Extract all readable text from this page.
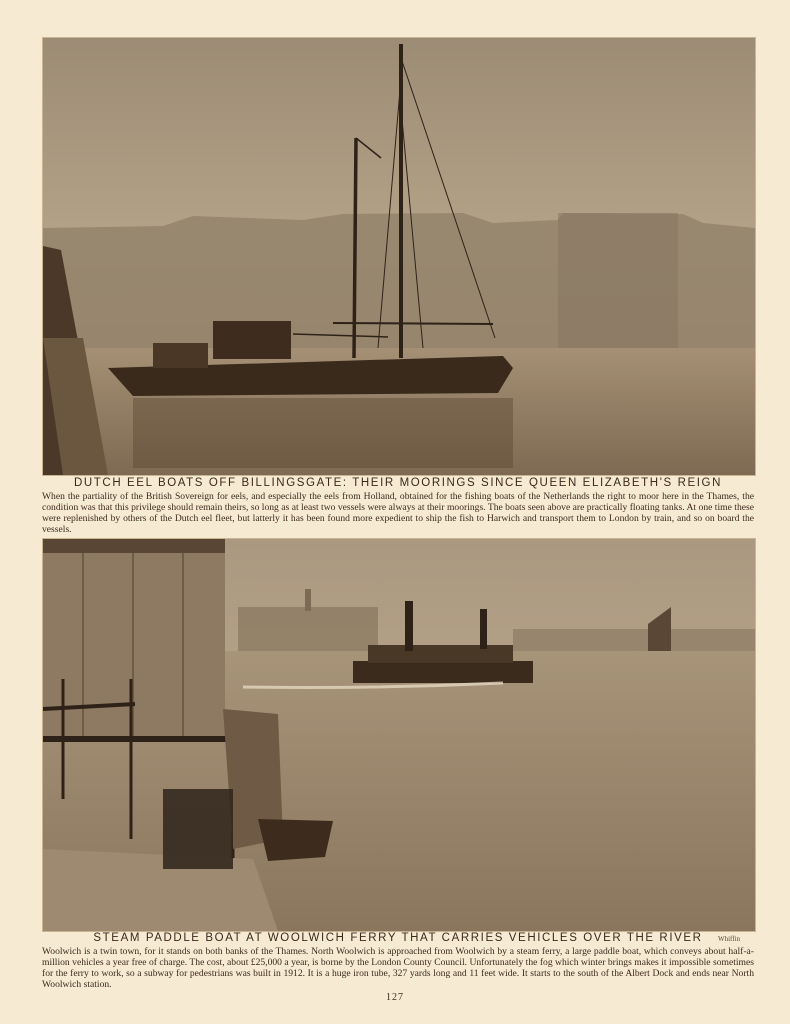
DUTCH EEL BOATS OFF BILLINGSGATE: THEIR MOORINGS SINCE QUEEN ELIZABETH'S REIGN
When the partiality of the British Sovereign for eels, and especially the eels from Holland, obtained for the fishing boats of the Netherlands the right to moor here in the Thames, the condition was that this privilege should remain theirs, so long as at least two vessels were always at their moorings. The boats seen above are practically floating tanks. At one time these were replenished by others of the Dutch eel fleet, but latterly it has been found more expedient to ship the fish to Harwich and transport them to London by train, and so on board the vessels.
STEAM PADDLE BOAT AT WOOLWICH FERRY THAT CARRIES VEHICLES OVER THE RIVER	Whiffin
Woolwich is a twin town, for it stands on both banks of the Thames. North Woolwich is approached from Woolwich by a steam ferry, a large paddle boat, which conveys about half-a-million vehicles a year free of charge. The cost, about £25,000 a year, is borne by the London County Council. Unfortunately the fog which winter brings makes it impossible sometimes for the ferry to work, so a subway for pedestrians was built in 1912. It is a huge iron tube, 327 yards long and 11 feet wide. It starts to the south of the Albert Dock and ends near North Woolwich station.
127
